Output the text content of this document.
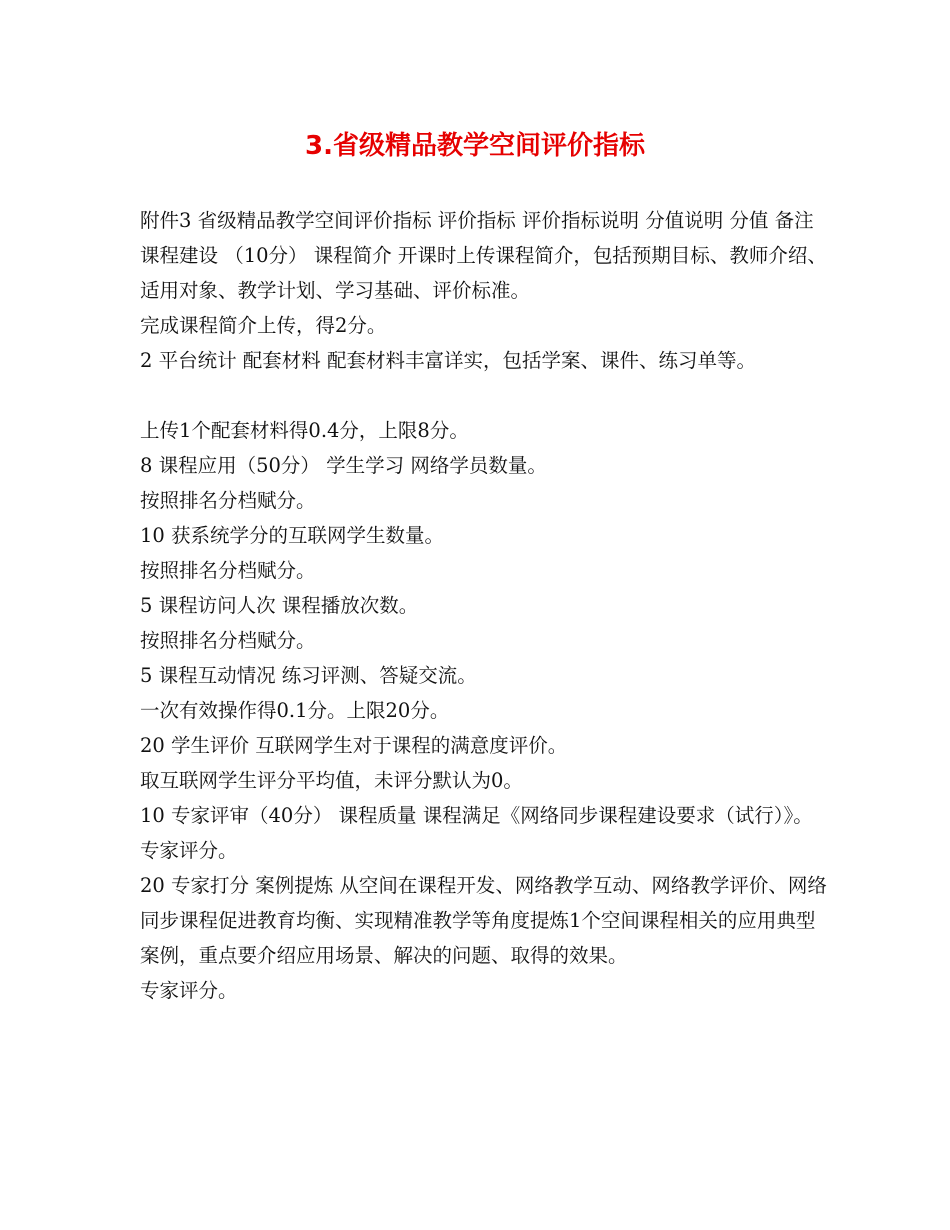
3.省级精品教学空间评价指标

附件3 省级精品教学空间评价指标 评价指标 评价指标说明 分值说明 分值 备注 课程建设 （10分） 课程简介 开课时上传课程简介，包括预期目标、教师介绍、适用对象、教学计划、学习基础、评价标准。

完成课程简介上传，得2分。

2 平台统计 配套材料 配套材料丰富详实，包括学案、课件、练习单等。

上传1个配套材料得0.4分，上限8分。

8 课程应用（50分） 学生学习 网络学员数量。

按照排名分档赋分。

10 获系统学分的互联网学生数量。

按照排名分档赋分。

5 课程访问人次 课程播放次数。

按照排名分档赋分。

5 课程互动情况 练习评测、答疑交流。

一次有效操作得0.1分。上限20分。

20 学生评价 互联网学生对于课程的满意度评价。

取互联网学生评分平均值，未评分默认为0。

10 专家评审（40分） 课程质量 课程满足《网络同步课程建设要求（试行）》。

专家评分。

20 专家打分 案例提炼 从空间在课程开发、网络教学互动、网络教学评价、网络同步课程促进教育均衡、实现精准教学等角度提炼1个空间课程相关的应用典型案例，重点要介绍应用场景、解决的问题、取得的效果。

专家评分。
